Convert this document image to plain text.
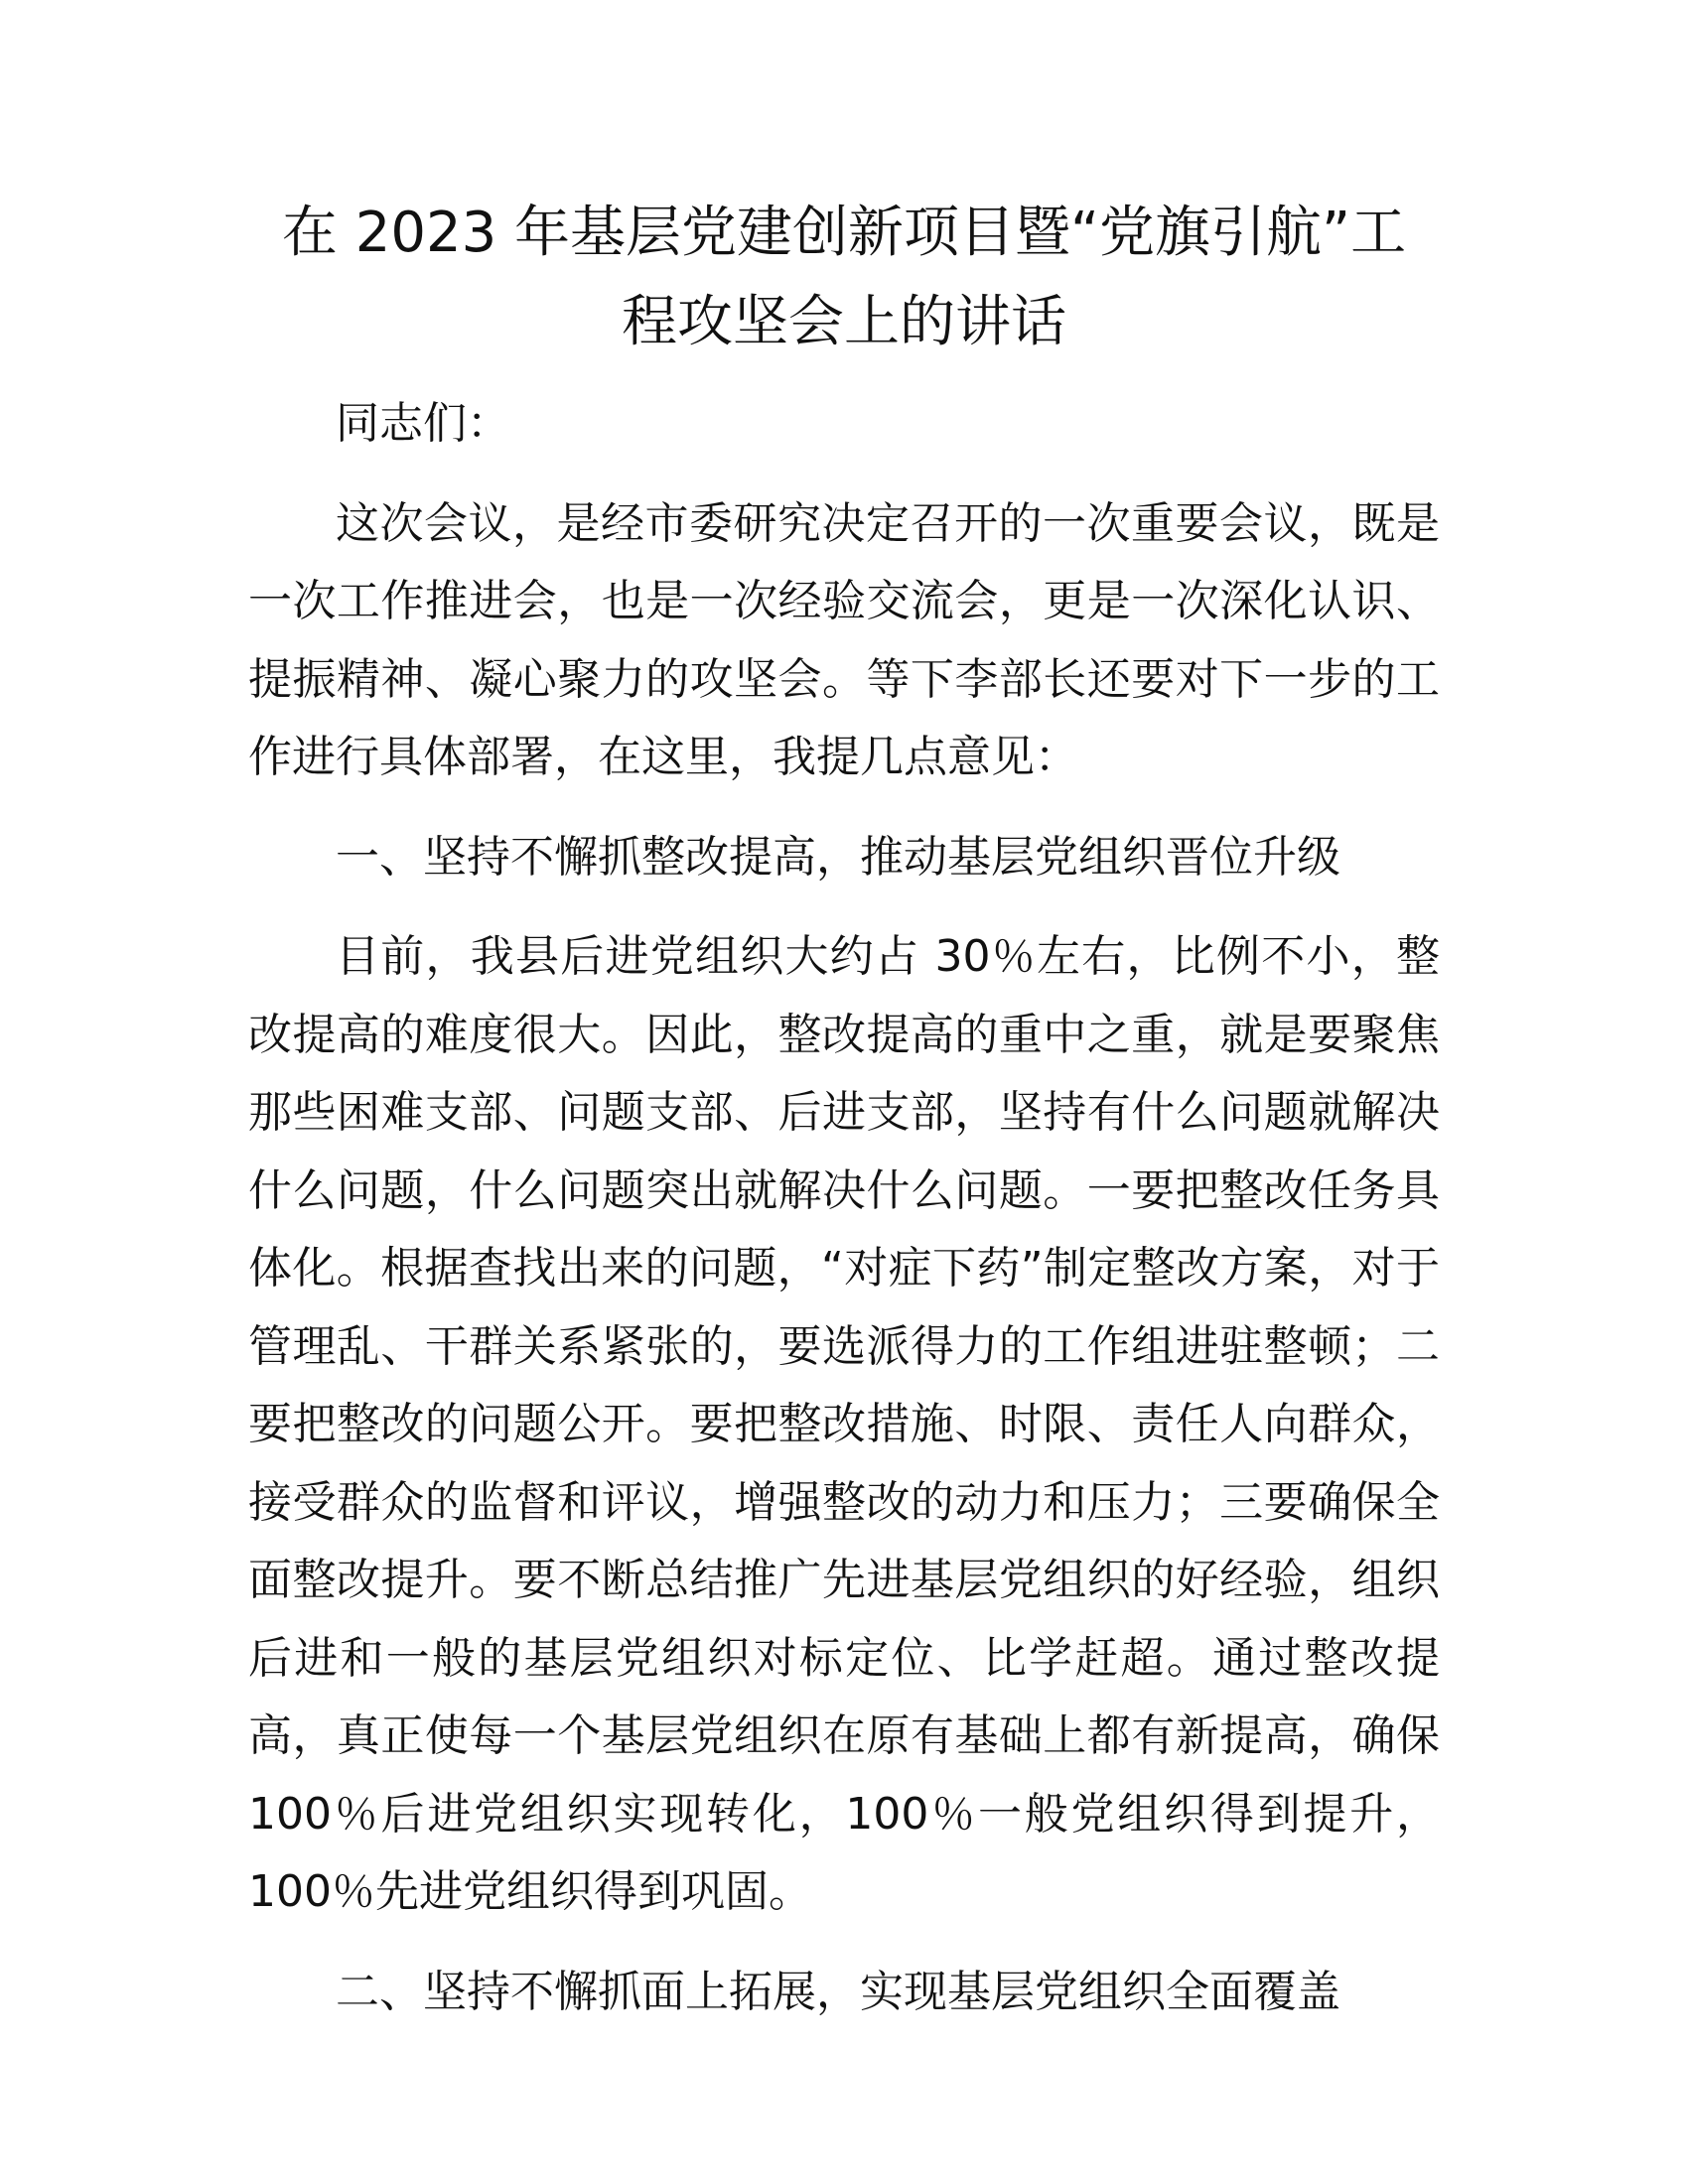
在 2023 年基层党建创新项目暨“党旗引航”工
程攻坚会上的讲话

同志们：

这次会议，是经市委研究决定召开的一次重要会议，既是一次工作推进会，也是一次经验交流会，更是一次深化认识、提振精神、凝心聚力的攻坚会。等下李部长还要对下一步的工作进行具体部署，在这里，我提几点意见：

一、坚持不懈抓整改提高，推动基层党组织晋位升级

目前，我县后进党组织大约占 30％左右，比例不小，整改提高的难度很大。因此，整改提高的重中之重，就是要聚焦那些困难支部、问题支部、后进支部，坚持有什么问题就解决什么问题，什么问题突出就解决什么问题。一要把整改任务具体化。根据查找出来的问题，“对症下药”制定整改方案，对于管理乱、干群关系紧张的，要选派得力的工作组进驻整顿；二要把整改的问题公开。要把整改措施、时限、责任人向群众，接受群众的监督和评议，增强整改的动力和压力；三要确保全面整改提升。要不断总结推广先进基层党组织的好经验，组织后进和一般的基层党组织对标定位、比学赶超。通过整改提高，真正使每一个基层党组织在原有基础上都有新提高，确保 100％后进党组织实现转化，100％一般党组织得到提升，100％先进党组织得到巩固。

二、坚持不懈抓面上拓展，实现基层党组织全面覆盖
